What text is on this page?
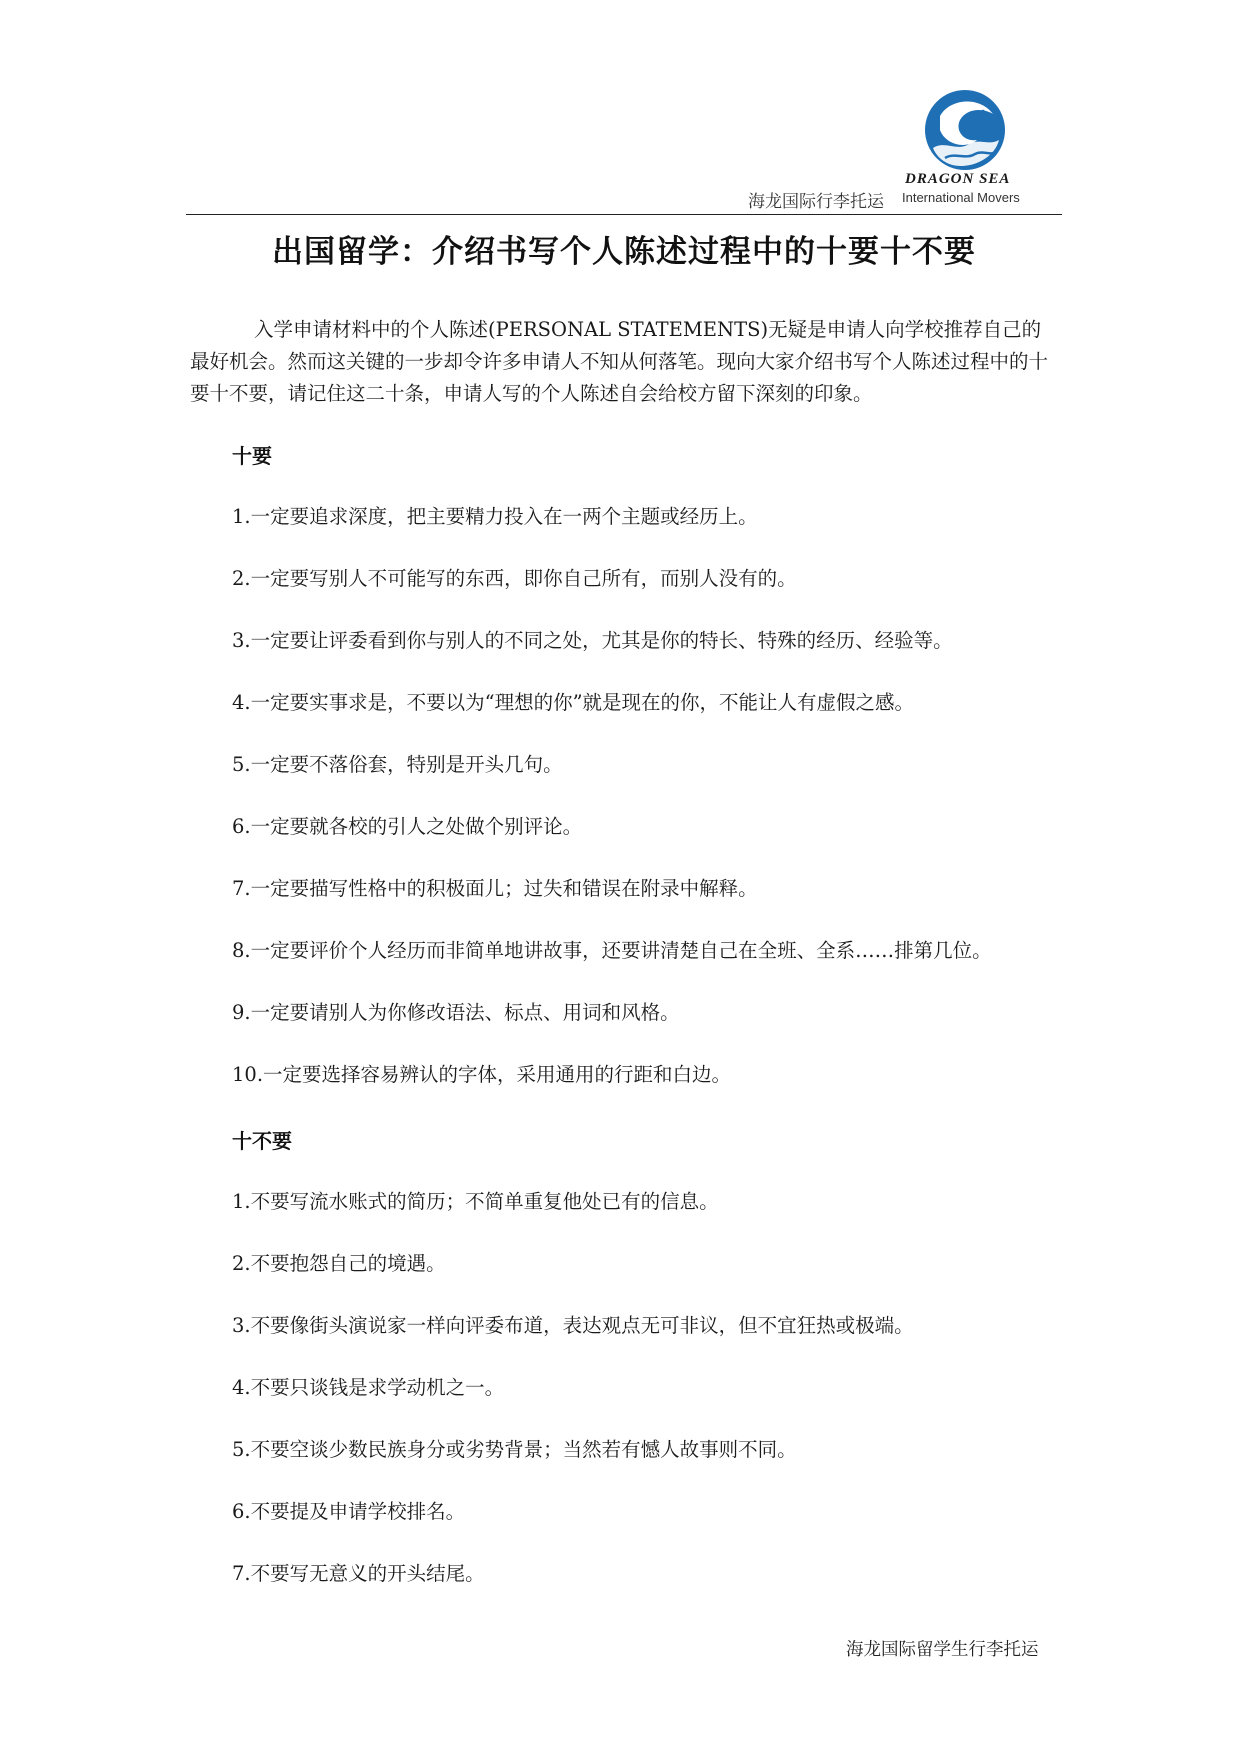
DRAGON SEA
海龙国际行李托运 International Movers
出国留学：介绍书写个人陈述过程中的十要十不要

入学申请材料中的个人陈述(PERSONAL STATEMENTS)无疑是申请人向学校推荐自己的最好机会。然而这关键的一步却令许多申请人不知从何落笔。现向大家介绍书写个人陈述过程中的十要十不要，请记住这二十条，申请人写的个人陈述自会给校方留下深刻的印象。

十要
1.一定要追求深度，把主要精力投入在一两个主题或经历上。
2.一定要写别人不可能写的东西，即你自己所有，而别人没有的。
3.一定要让评委看到你与别人的不同之处，尤其是你的特长、特殊的经历、经验等。
4.一定要实事求是，不要以为“理想的你”就是现在的你，不能让人有虚假之感。
5.一定要不落俗套，特别是开头几句。
6.一定要就各校的引人之处做个别评论。
7.一定要描写性格中的积极面儿；过失和错误在附录中解释。
8.一定要评价个人经历而非简单地讲故事，还要讲清楚自己在全班、全系……排第几位。
9.一定要请别人为你修改语法、标点、用词和风格。
10.一定要选择容易辨认的字体，采用通用的行距和白边。
十不要
1.不要写流水账式的简历；不简单重复他处已有的信息。
2.不要抱怨自己的境遇。
3.不要像街头演说家一样向评委布道，表达观点无可非议，但不宜狂热或极端。
4.不要只谈钱是求学动机之一。
5.不要空谈少数民族身分或劣势背景；当然若有憾人故事则不同。
6.不要提及申请学校排名。
7.不要写无意义的开头结尾。
海龙国际留学生行李托运
